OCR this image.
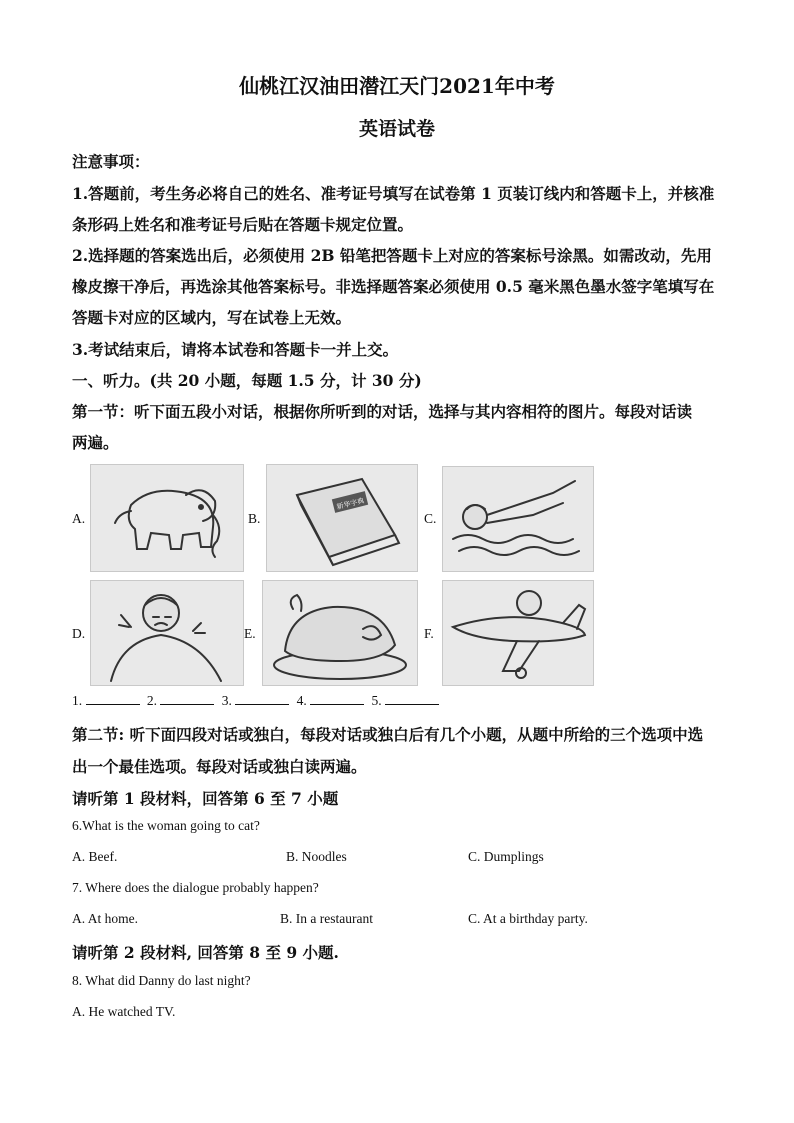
仙桃江汉油田潜江天门2021年中考
英语试卷
注意事项：
1.答题前，考生务必将自己的姓名、准考证号填写在试卷第 1 页装订线内和答题卡上，并核准
条形码上姓名和准考证号后贴在答题卡规定位置。
2.选择题的答案选出后，必须使用 2B 铅笔把答题卡上对应的答案标号涂黑。如需改动，先用
橡皮擦干净后，再选涂其他答案标号。非选择题答案必须使用 0.5 毫米黑色墨水签字笔填写在
答题卡对应的区域内，写在试卷上无效。
3.考试结束后，请将本试卷和答题卡一并上交。
一、听力。(共 20 小题，每题 1.5 分，计 30 分)
第一节：听下面五段小对话，根据你所听到的对话，选择与其内容相符的图片。每段对话读
两遍。
A.	B.
新华字典
C.
D.	E.	F.
1.	2.	3.	4.	5.
第二节: 听下面四段对话或独白，每段对话或独白后有几个小题，从题中所给的三个选项中选
出一个最佳选项。每段对话或独白读两遍。
请听第 1 段材料，回答第 6 至 7 小题
6.What is the woman going to cat?
A. Beef.	B. Noodles	C. Dumplings
7. Where does the dialogue probably happen?
A. At home.	B. In a restaurant	C. At a birthday party.
请听第 2 段材料, 回答第 8 至 9 小题.
8. What did Danny do last night?
A. He watched TV.
